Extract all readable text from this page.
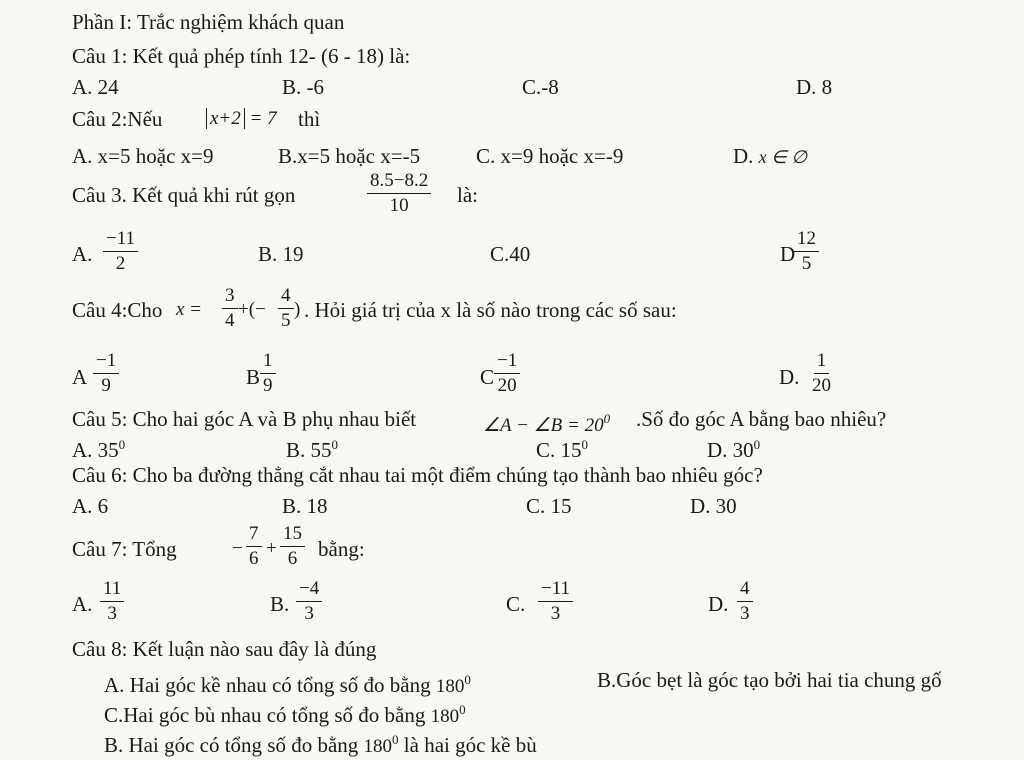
Phần I: Trắc nghiệm khách quan
Câu 1: Kết quả phép tính 12- (6 - 18) là:
A. 24	B. -6	C.-8	D. 8
Câu 2:Nếu	x+2 = 7 thì
A. x=5 hoặc x=9	B.x=5 hoặc x=-5	C. x=9 hoặc x=-9	D. x ∈ ∅
Câu 3. Kết quả khi rút gọn	$\frac{8.5-8.2}{10}$ là:
A. $\frac{-11}{2}$	B. 19	C.40	D
$\frac{12}{5}$
Câu 4:Cho $x = \frac{3}{4}$ +(− $\frac{4}{5}$ ) . Hỏi giá trị của x là số nào trong các số sau:
A $\frac{-1}{9}$	B $\frac{1}{9}$	C $\frac{-1}{20}$	D. $\frac{1}{20}$
Câu 5: Cho hai góc A và B phụ nhau biết	∠A − ∠B = $20^0$ .Số đo góc A bằng bao nhiêu?
A. $35^0$	B. $55^0$	C. $15^0$	D. $30^0$
Câu 6: Cho ba đường thẳng cắt nhau tai một điểm chúng tạo thành bao nhiêu góc?
A. 6	B. 18	C. 15	D. 30
Câu 7: Tổng	− $\frac{7}{6} + \frac{15}{6}$ bằng:
A. $\frac{11}{3}$	B. $\frac{-4}{3}$	C. $\frac{-11}{3}$	D. $\frac{4}{3}$
Câu 8: Kết luận nào sau đây là đúng
A. Hai góc kề nhau có tổng số đo bằng $180^0$	B.Góc bẹt là góc tạo bởi hai tia chung gố
C.Hai góc bù nhau có tổng số đo bằng $180^0$
B. Hai góc có tổng số đo bằng $180^0$ là hai góc kề bù
